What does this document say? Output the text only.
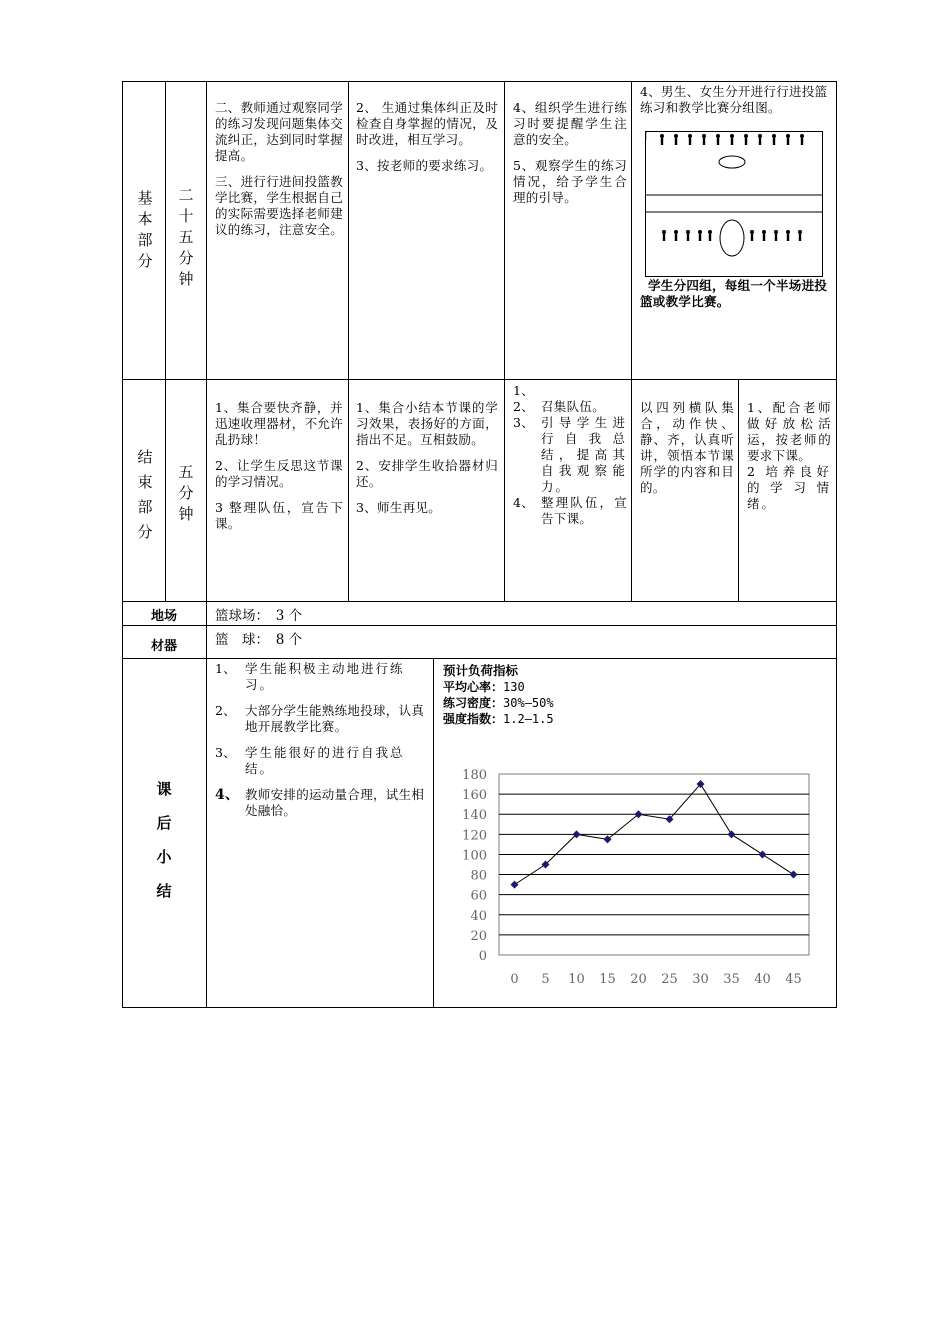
基
本
部
分
二
十
五
分
钟

二、教师通过观察同学的练习发现问题集体交流纠正，达到同时掌握提高。

三、进行行进间投篮教学比赛，学生根据自己的实际需要选择老师建议的练习，注意安全。

2、 生通过集体纠正及时检查自身掌握的情况，及时改进，相互学习。

3、按老师的要求练习。

4、组织学生进行练习时要提醒学生注意的安全。

5、观察学生的练习情况，给予学生合理的引导。

4、男生、女生分开进行行进投篮练习和教学比赛分组图。
学生分四组，每组一个半场进投篮或教学比赛。
结
束
部
分
五
分
钟

1、集合要快齐静，并迅速收理器材，不允许乱扔球！

2、让学生反思这节课的学习情况。

3 整理队伍，宣告下课。

1、集合小结本节课的学习效果，表扬好的方面，指出不足。互相鼓励。

2、安排学生收拾器材归还。

3、师生再见。

1、
2、 召集队伍。
3、 引导学生进行自我总结，提高其自我观察能力。
4、 整理队伍，宣告下课。
以四列横队集合，动作快、静、齐，认真听讲，领悟本节课所学的内容和目的。

1、配合老师做好放松活运，按老师的要求下课。

2 培养良好的学习情绪。

地场	篮球场：　3 个
材器	篮　球：　8 个
课
后
小
结
1、 学生能积极主动地进行练习。
2、 大部分学生能熟练地投球，认真地开展教学比赛。
3、 学生能很好的进行自我总结。
4、 教师安排的运动量合理，试生相处融恰。
预计负荷指标
平均心率：130
练习密度：30%—50%
强度指数：1.2—1.5
0
20
40
60
80
100
120
140
160
180
0 5 10 15 20 25 30 35 40 45
